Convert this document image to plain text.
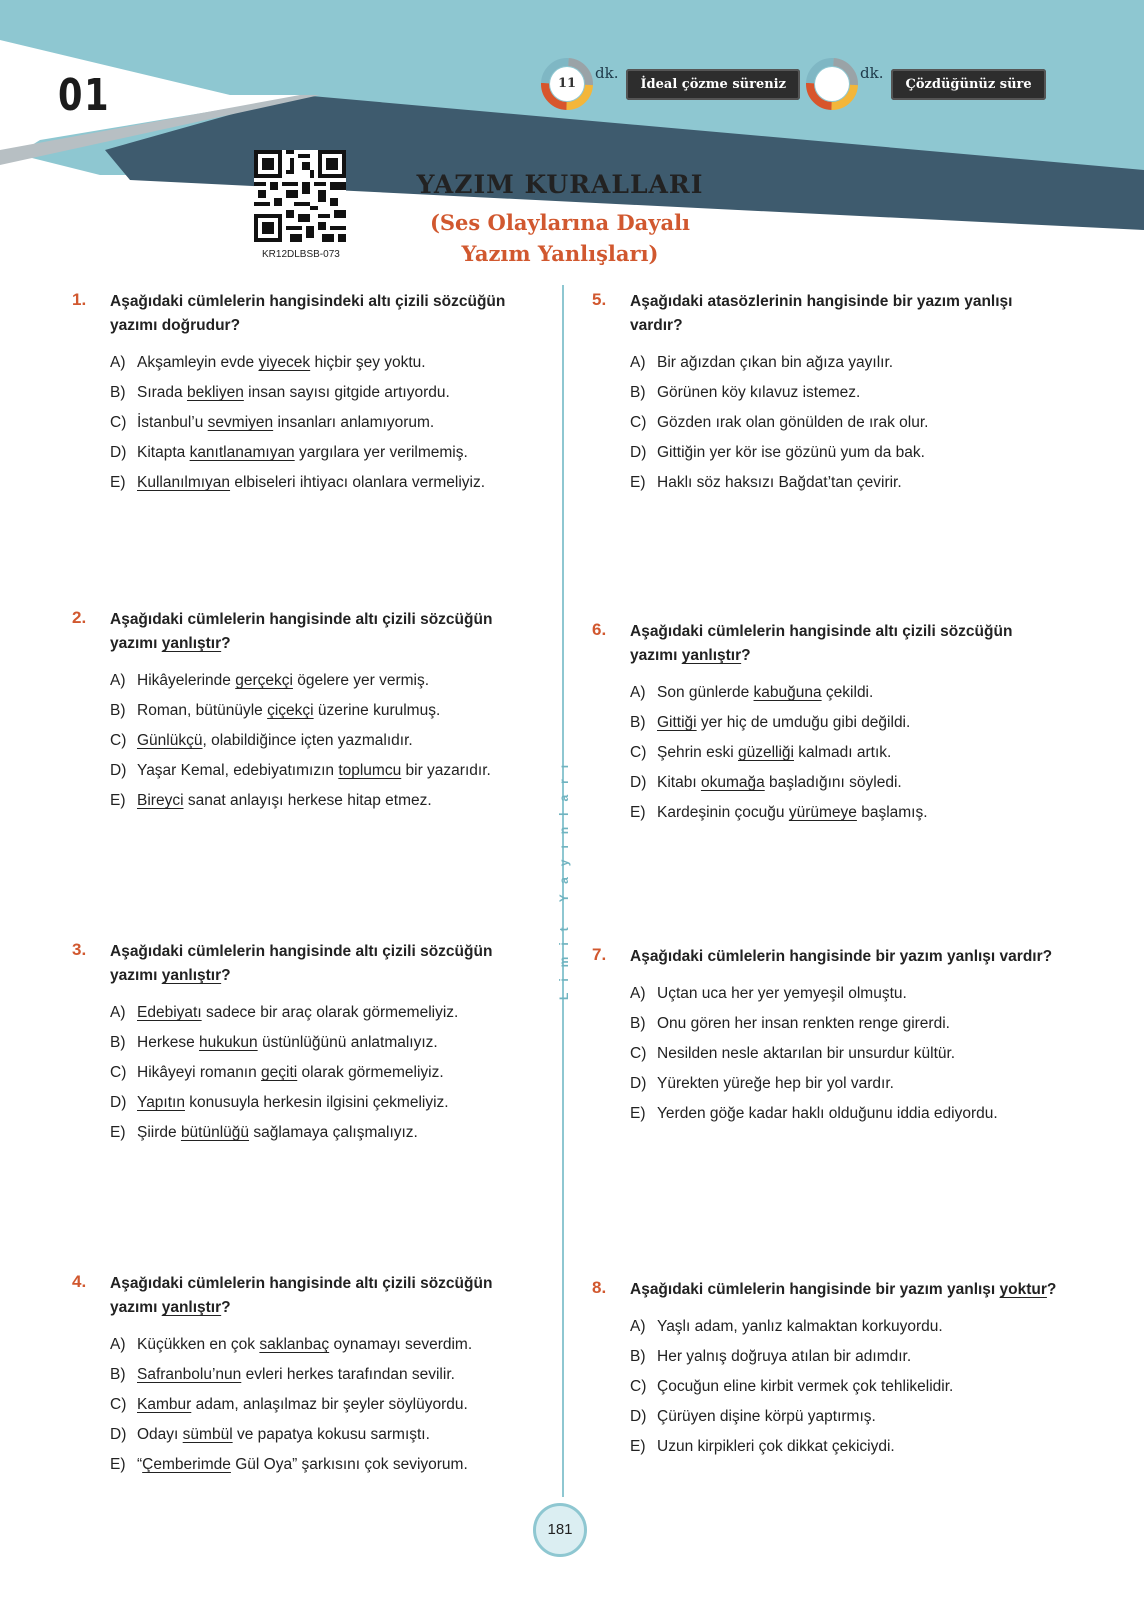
01	11
dk.
İdeal çözme süreniz
dk.
Çözdüğünüz süre
KR12DLBSB-073
YAZIM KURALLARI
(Ses Olaylarına Dayalı
Yazım Yanlışları)
Limit Yayınları
1.	Aşağıdaki cümlelerin hangisindeki altı çizili sözcüğün yazımı doğrudur?
A) Akşamleyin evde yiyecek hiçbir şey yoktu.
B) Sırada bekliyen insan sayısı gitgide artıyordu.
C) İstanbul’u sevmiyen insanları anlamıyorum.
D) Kitapta kanıtlanamıyan yargılara yer verilmemiş.
E) Kullanılmıyan elbiseleri ihtiyacı olanlara vermeliyiz.
2.	Aşağıdaki cümlelerin hangisinde altı çizili sözcüğün yazımı yanlıştır?
A) Hikâyelerinde gerçekçi ögelere yer vermiş.
B) Roman, bütünüyle çiçekçi üzerine kurulmuş.
C) Günlükçü, olabildiğince içten yazmalıdır.
D) Yaşar Kemal, edebiyatımızın toplumcu bir yazarıdır.
E) Bireyci sanat anlayışı herkese hitap etmez.
3.	Aşağıdaki cümlelerin hangisinde altı çizili sözcüğün yazımı yanlıştır?
A) Edebiyatı sadece bir araç olarak görmemeliyiz.
B) Herkese hukukun üstünlüğünü anlatmalıyız.
C) Hikâyeyi romanın geçiti olarak görmemeliyiz.
D) Yapıtın konusuyla herkesin ilgisini çekmeliyiz.
E) Şiirde bütünlüğü sağlamaya çalışmalıyız.
4.	Aşağıdaki cümlelerin hangisinde altı çizili sözcüğün yazımı yanlıştır?
A) Küçükken en çok saklanbaç oynamayı severdim.
B) Safranbolu’nun evleri herkes tarafından sevilir.
C) Kambur adam, anlaşılmaz bir şeyler söylüyordu.
D) Odayı sümbül ve papatya kokusu sarmıştı.
E) “Çemberimde Gül Oya” şarkısını çok seviyorum.
5.	Aşağıdaki atasözlerinin hangisinde bir yazım yanlışı vardır?
A) Bir ağızdan çıkan bin ağıza yayılır.
B) Görünen köy kılavuz istemez.
C) Gözden ırak olan gönülden de ırak olur.
D) Gittiğin yer kör ise gözünü yum da bak.
E) Haklı söz haksızı Bağdat’tan çevirir.
6.	Aşağıdaki cümlelerin hangisinde altı çizili sözcüğün yazımı yanlıştır?
A) Son günlerde kabuğuna çekildi.
B) Gittiği yer hiç de umduğu gibi değildi.
C) Şehrin eski güzelliği kalmadı artık.
D) Kitabı okumağa başladığını söyledi.
E) Kardeşinin çocuğu yürümeye başlamış.
7.	Aşağıdaki cümlelerin hangisinde bir yazım yanlışı vardır?
A) Uçtan uca her yer yemyeşil olmuştu.
B) Onu gören her insan renkten renge girerdi.
C) Nesilden nesle aktarılan bir unsurdur kültür.
D) Yürekten yüreğe hep bir yol vardır.
E) Yerden göğe kadar haklı olduğunu iddia ediyordu.
8.	Aşağıdaki cümlelerin hangisinde bir yazım yanlışı yoktur?
A) Yaşlı adam, yanlız kalmaktan korkuyordu.
B) Her yalnış doğruya atılan bir adımdır.
C) Çocuğun eline kirbit vermek çok tehlikelidir.
D) Çürüyen dişine körpü yaptırmış.
E) Uzun kirpikleri çok dikkat çekiciydi.
181
